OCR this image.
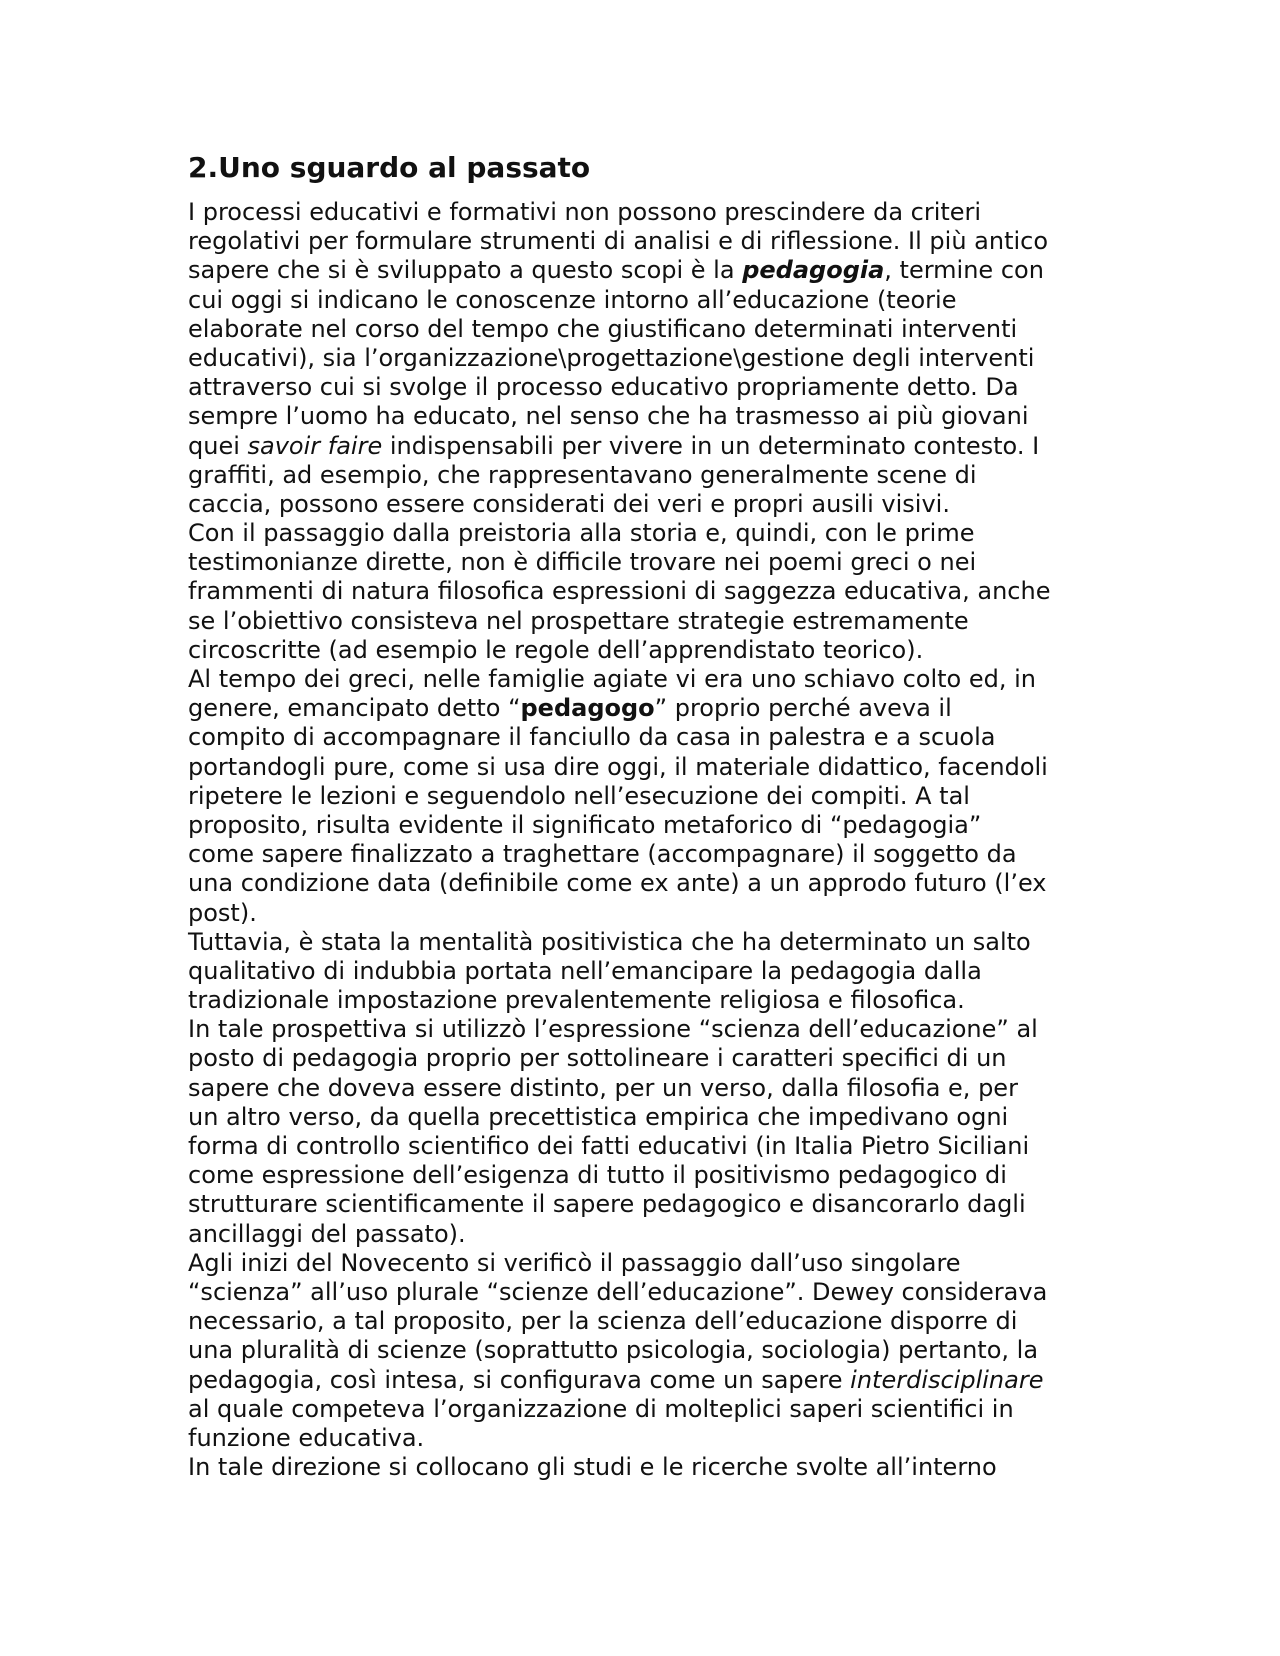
2.Uno sguardo al passato
I processi educativi e formativi non possono prescindere da criteri
regolativi per formulare strumenti di analisi e di riflessione. Il più antico
sapere che si è sviluppato a questo scopi è la pedagogia, termine con
cui oggi si indicano le conoscenze intorno all’educazione (teorie
elaborate nel corso del tempo che giustificano determinati interventi
educativi), sia l’organizzazione\progettazione\gestione degli interventi
attraverso cui si svolge il processo educativo propriamente detto. Da
sempre l’uomo ha educato, nel senso che ha trasmesso ai più giovani
quei savoir faire indispensabili per vivere in un determinato contesto. I
graffiti, ad esempio, che rappresentavano generalmente scene di
caccia, possono essere considerati dei veri e propri ausili visivi.
Con il passaggio dalla preistoria alla storia e, quindi, con le prime
testimonianze dirette, non è difficile trovare nei poemi greci o nei
frammenti di natura filosofica espressioni di saggezza educativa, anche
se l’obiettivo consisteva nel prospettare strategie estremamente
circoscritte (ad esempio le regole dell’apprendistato teorico).
Al tempo dei greci, nelle famiglie agiate vi era uno schiavo colto ed, in
genere, emancipato detto “pedagogo” proprio perché aveva il
compito di accompagnare il fanciullo da casa in palestra e a scuola
portandogli pure, come si usa dire oggi, il materiale didattico, facendoli
ripetere le lezioni e seguendolo nell’esecuzione dei compiti. A tal
proposito, risulta evidente il significato metaforico di “pedagogia”
come sapere finalizzato a traghettare (accompagnare) il soggetto da
una condizione data (definibile come ex ante) a un approdo futuro (l’ex
post).
Tuttavia, è stata la mentalità positivistica che ha determinato un salto
qualitativo di indubbia portata nell’emancipare la pedagogia dalla
tradizionale impostazione prevalentemente religiosa e filosofica.
In tale prospettiva si utilizzò l’espressione “scienza dell’educazione” al
posto di pedagogia proprio per sottolineare i caratteri specifici di un
sapere che doveva essere distinto, per un verso, dalla filosofia e, per
un altro verso, da quella precettistica empirica che impedivano ogni
forma di controllo scientifico dei fatti educativi (in Italia Pietro Siciliani
come espressione dell’esigenza di tutto il positivismo pedagogico di
strutturare scientificamente il sapere pedagogico e disancorarlo dagli
ancillaggi del passato).
Agli inizi del Novecento si verificò il passaggio dall’uso singolare
“scienza” all’uso plurale “scienze dell’educazione”. Dewey considerava
necessario, a tal proposito, per la scienza dell’educazione disporre di
una pluralità di scienze (soprattutto psicologia, sociologia) pertanto, la
pedagogia, così intesa, si configurava come un sapere interdisciplinare
al quale competeva l’organizzazione di molteplici saperi scientifici in
funzione educativa.
In tale direzione si collocano gli studi e le ricerche svolte all’interno
